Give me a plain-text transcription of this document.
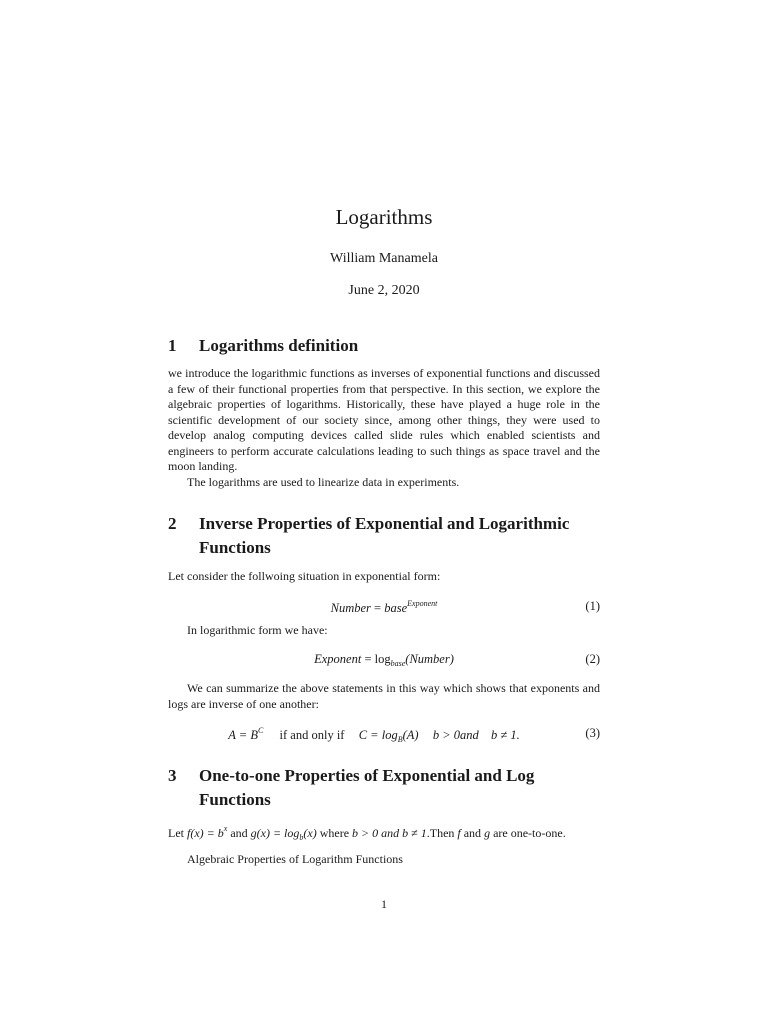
Logarithms
William Manamela
June 2, 2020
1 Logarithms definition
we introduce the logarithmic functions as inverses of exponential functions and discussed a few of their functional properties from that perspective. In this section, we explore the algebraic properties of logarithms. Historically, these have played a huge role in the scientific development of our society since, among other things, they were used to develop analog computing devices called slide rules which enabled scientists and engineers to perform accurate calculations leading to such things as space travel and the moon landing.
The logarithms are used to linearize data in experiments.
2 Inverse Properties of Exponential and Logarithmic Functions
Let consider the follwoing situation in exponential form:
Number = base$^{Exponent}$	(1)
In logarithmic form we have:
Exponent = $\log_{base}(Number)$	(2)
We can summarize the above statements in this way which shows that exponents and logs are inverse of one another:
$A = B^C$ if and only if $C = \log_B(A) b > 0and$ b ≠ 1.	(3)
3 One-to-one Properties of Exponential and Log Functions
Let $f(x) = b^x$ and $g(x) = \log_b(x)$ where b > 0 and b ≠ 1.Then f and g are one-to-one.
Algebraic Properties of Logarithm Functions
1
